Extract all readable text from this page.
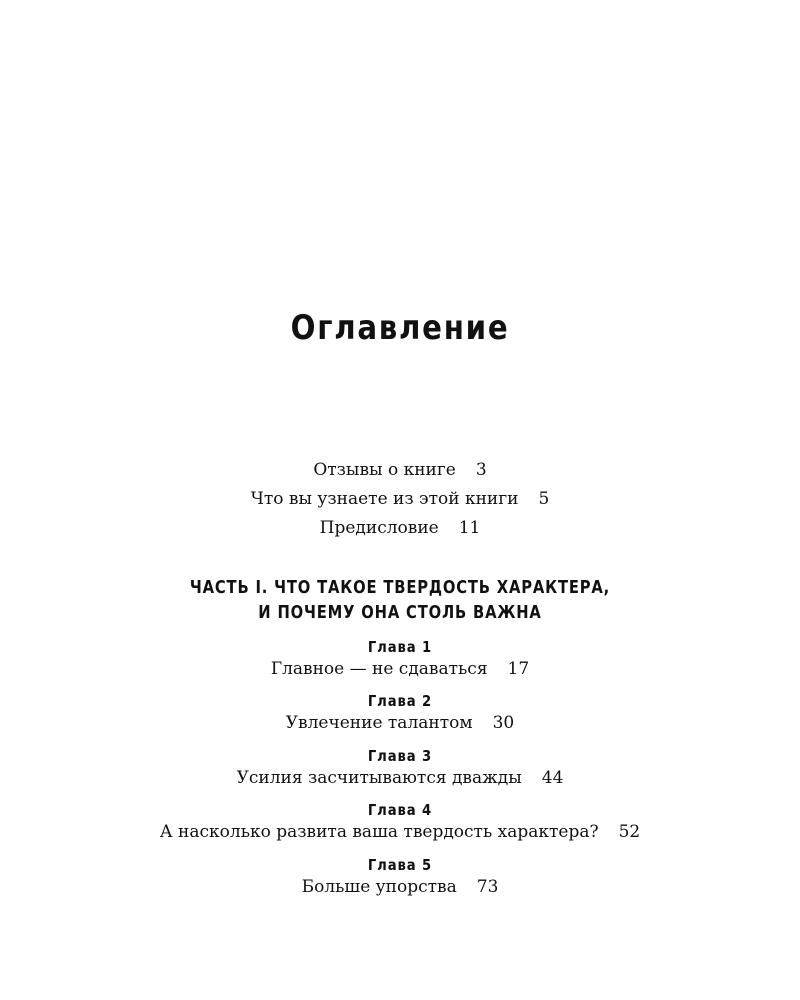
Оглавление
Отзывы о книге 3
Что вы узнаете из этой книги 5
Предисловие 11
ЧАСТЬ I. ЧТО ТАКОЕ ТВЕРДОСТЬ ХАРАКТЕРА,
И ПОЧЕМУ ОНА СТОЛЬ ВАЖНА
Глава 1
Главное — не сдаваться 17
Глава 2
Увлечение талантом 30
Глава 3
Усилия засчитываются дважды 44
Глава 4
А насколько развита ваша твердость характера? 52
Глава 5
Больше упорства 73
